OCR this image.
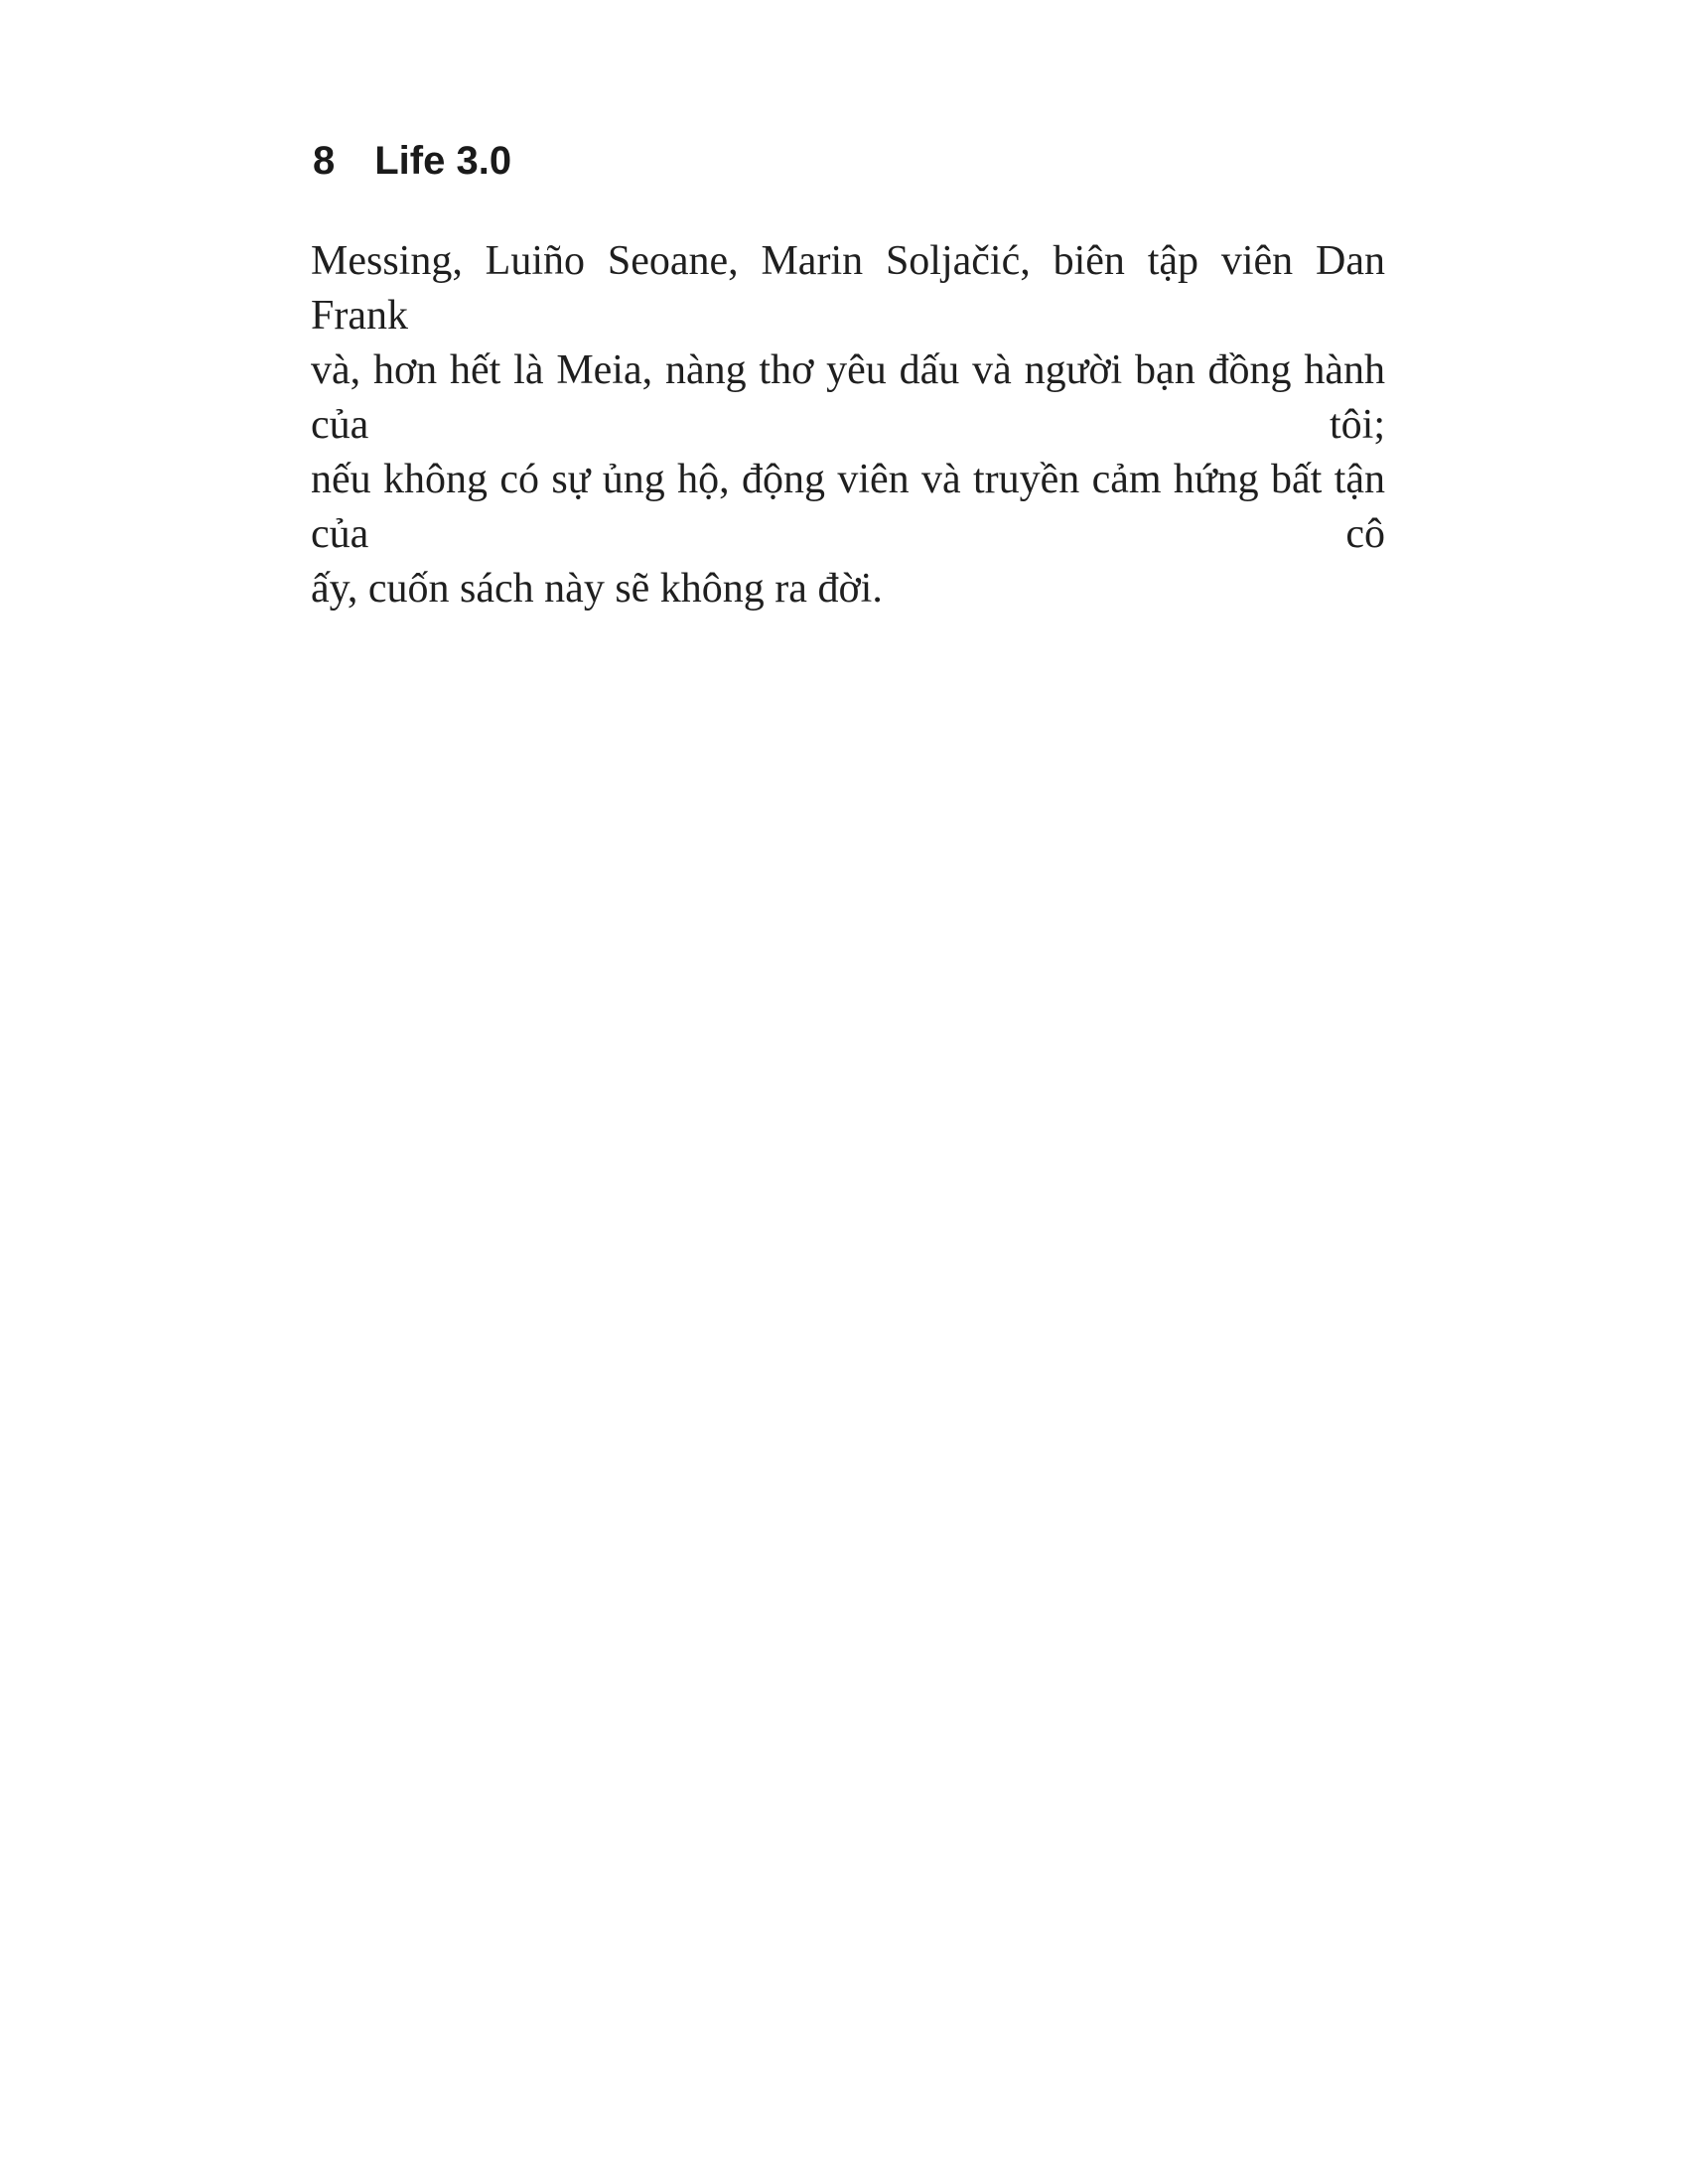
8 Life 3.0
Messing, Luiño Seoane, Marin Soljačić, biên tập viên Dan Frank
và, hơn hết là Meia, nàng thơ yêu dấu và người bạn đồng hành của tôi;
nếu không có sự ủng hộ, động viên và truyền cảm hứng bất tận của cô
ấy, cuốn sách này sẽ không ra đời.
